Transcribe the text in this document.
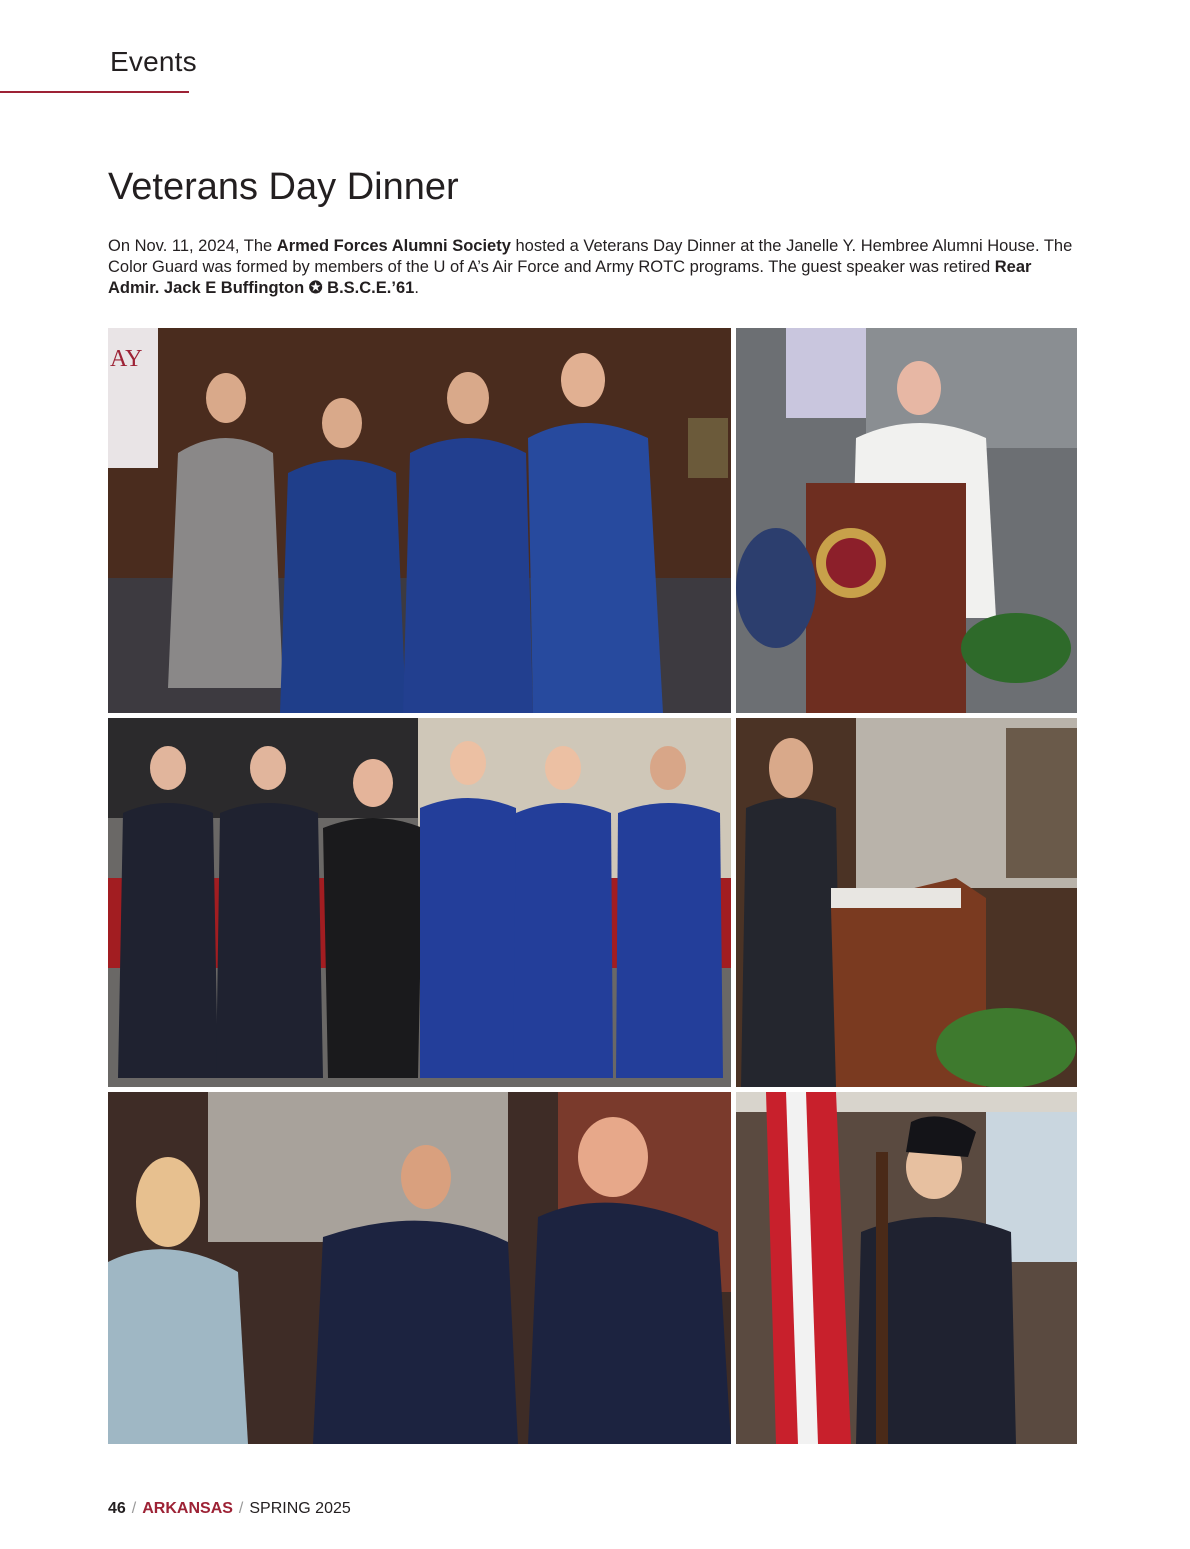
Events
Veterans Day Dinner

On Nov. 11, 2024, The Armed Forces Alumni Society hosted a Veterans Day Dinner at the Janelle Y. Hembree Alumni House. The Color Guard was formed by members of the U of A’s Air Force and Army ROTC programs. The guest speaker was retired Rear Admir. Jack E Buffington ✪ B.S.C.E.’61.

AY
46 / ARKANSAS / SPRING 2025
